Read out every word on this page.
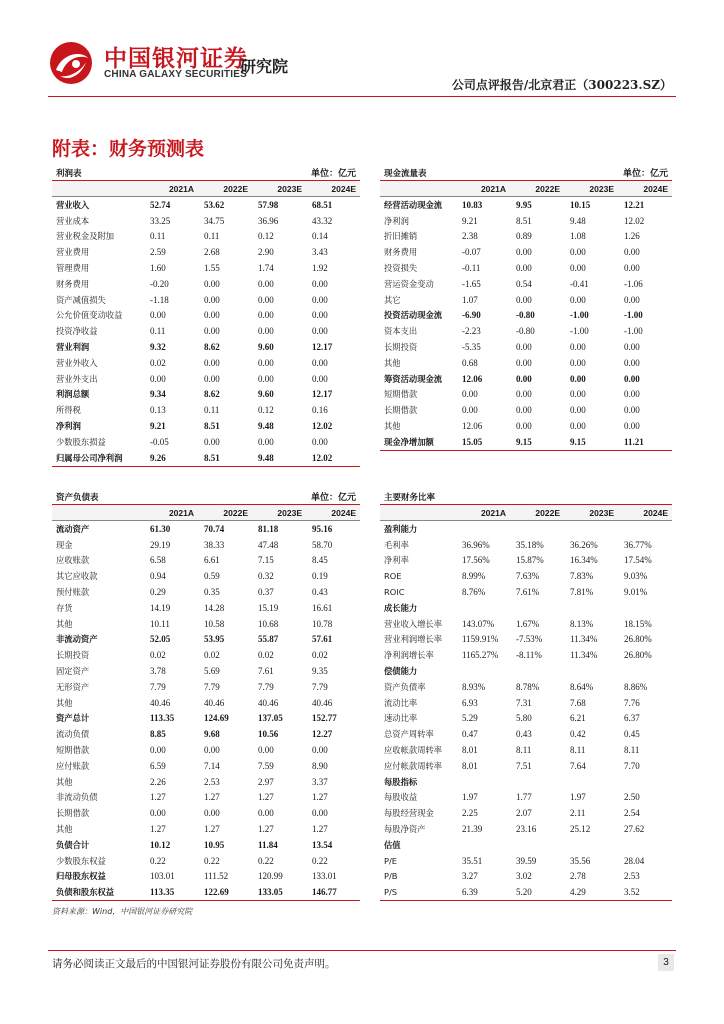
中国银河证券
CHINA GALAXY SECURITIES
研究院
公司点评报告/北京君正（300223.SZ）
附表：财务预测表
利润表	单位：亿元
	2021A	2022E	2023E	2024E
营业收入	52.74	53.62	57.98	68.51
营业成本	33.25	34.75	36.96	43.32
营业税金及附加	0.11	0.11	0.12	0.14
营业费用	2.59	2.68	2.90	3.43
管理费用	1.60	1.55	1.74	1.92
财务费用	-0.20	0.00	0.00	0.00
资产减值损失	-1.18	0.00	0.00	0.00
公允价值变动收益	0.00	0.00	0.00	0.00
投资净收益	0.11	0.00	0.00	0.00
营业利润	9.32	8.62	9.60	12.17
营业外收入	0.02	0.00	0.00	0.00
营业外支出	0.00	0.00	0.00	0.00
利润总额	9.34	8.62	9.60	12.17
所得税	0.13	0.11	0.12	0.16
净利润	9.21	8.51	9.48	12.02
少数股东损益	-0.05	0.00	0.00	0.00
归属母公司净利润	9.26	8.51	9.48	12.02
现金流量表	单位：亿元
	2021A	2022E	2023E	2024E
经营活动现金流	10.83	9.95	10.15	12.21
净利润	9.21	8.51	9.48	12.02
折旧摊销	2.38	0.89	1.08	1.26
财务费用	-0.07	0.00	0.00	0.00
投资损失	-0.11	0.00	0.00	0.00
营运资金变动	-1.65	0.54	-0.41	-1.06
其它	1.07	0.00	0.00	0.00
投资活动现金流	-6.90	-0.80	-1.00	-1.00
资本支出	-2.23	-0.80	-1.00	-1.00
长期投资	-5.35	0.00	0.00	0.00
其他	0.68	0.00	0.00	0.00
筹资活动现金流	12.06	0.00	0.00	0.00
短期借款	0.00	0.00	0.00	0.00
长期借款	0.00	0.00	0.00	0.00
其他	12.06	0.00	0.00	0.00
现金净增加额	15.05	9.15	9.15	11.21
资产负债表	单位：亿元
	2021A	2022E	2023E	2024E
流动资产	61.30	70.74	81.18	95.16
现金	29.19	38.33	47.48	58.70
应收账款	6.58	6.61	7.15	8.45
其它应收款	0.94	0.59	0.32	0.19
预付账款	0.29	0.35	0.37	0.43
存货	14.19	14.28	15.19	16.61
其他	10.11	10.58	10.68	10.78
非流动资产	52.05	53.95	55.87	57.61
长期投资	0.02	0.02	0.02	0.02
固定资产	3.78	5.69	7.61	9.35
无形资产	7.79	7.79	7.79	7.79
其他	40.46	40.46	40.46	40.46
资产总计	113.35	124.69	137.05	152.77
流动负债	8.85	9.68	10.56	12.27
短期借款	0.00	0.00	0.00	0.00
应付账款	6.59	7.14	7.59	8.90
其他	2.26	2.53	2.97	3.37
非流动负债	1.27	1.27	1.27	1.27
长期借款	0.00	0.00	0.00	0.00
其他	1.27	1.27	1.27	1.27
负债合计	10.12	10.95	11.84	13.54
少数股东权益	0.22	0.22	0.22	0.22
归母股东权益	103.01	111.52	120.99	133.01
负债和股东权益	113.35	122.69	133.05	146.77
主要财务比率
	2021A	2022E	2023E	2024E
盈利能力				
毛利率	36.96%	35.18%	36.26%	36.77%
净利率	17.56%	15.87%	16.34%	17.54%
ROE	8.99%	7.63%	7.83%	9.03%
ROIC	8.76%	7.61%	7.81%	9.01%
成长能力				
营业收入增长率	143.07%	1.67%	8.13%	18.15%
营业利润增长率	1159.91%	-7.53%	11.34%	26.80%
净利润增长率	1165.27%	-8.11%	11.34%	26.80%
偿债能力				
资产负债率	8.93%	8.78%	8.64%	8.86%
流动比率	6.93	7.31	7.68	7.76
速动比率	5.29	5.80	6.21	6.37
总资产周转率	0.47	0.43	0.42	0.45
应收帐款周转率	8.01	8.11	8.11	8.11
应付帐款周转率	8.01	7.51	7.64	7.70
每股指标				
每股收益	1.97	1.77	1.97	2.50
每股经营现金	2.25	2.07	2.11	2.54
每股净资产	21.39	23.16	25.12	27.62
估值				
P/E	35.51	39.59	35.56	28.04
P/B	3.27	3.02	2.78	2.53
P/S	6.39	5.20	4.29	3.52
资料来源：Wind，中国银河证券研究院
请务必阅读正文最后的中国银河证券股份有限公司免责声明。	3
